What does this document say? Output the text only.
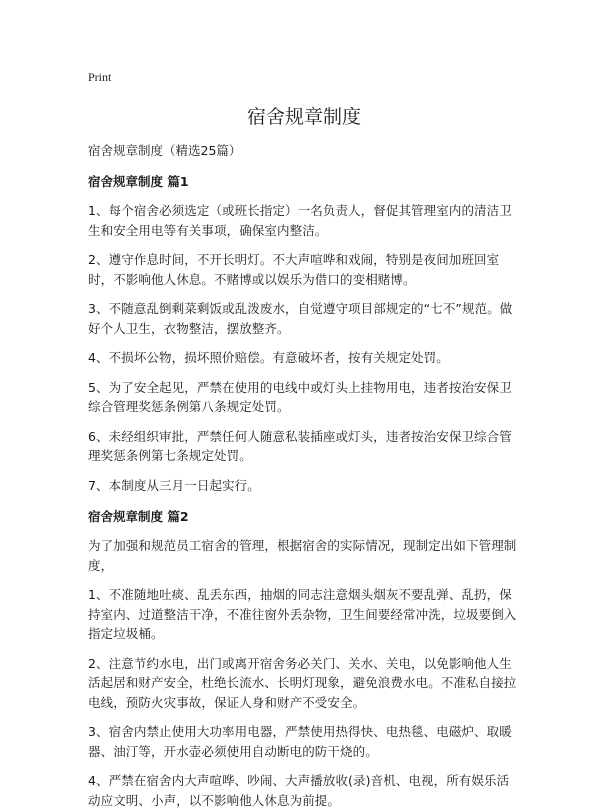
Print

宿舍规章制度

宿舍规章制度（精选25篇）

宿舍规章制度 篇1

1、每个宿舍必须选定（或班长指定）一名负责人，督促其管理室内的清洁卫生和安全用电等有关事项，确保室内整洁。

2、遵守作息时间，不开长明灯。不大声喧哗和戏闹，特别是夜间加班回室时，不影响他人休息。不赌博或以娱乐为借口的变相赌博。

3、不随意乱倒剩菜剩饭或乱泼废水，自觉遵守项目部规定的“七不”规范。做好个人卫生，衣物整洁，摆放整齐。

4、不损坏公物，损坏照价赔偿。有意破坏者，按有关规定处罚。

5、为了安全起见，严禁在使用的电线中或灯头上挂物用电，违者按治安保卫综合管理奖惩条例第八条规定处罚。

6、未经组织审批，严禁任何人随意私装插座或灯头，违者按治安保卫综合管理奖惩条例第七条规定处罚。

7、本制度从三月一日起实行。

宿舍规章制度 篇2

为了加强和规范员工宿舍的管理，根据宿舍的实际情况，现制定出如下管理制度，

1、不准随地吐痰、乱丢东西，抽烟的同志注意烟头烟灰不要乱弹、乱扔，保持室内、过道整洁干净，不准往窗外丢杂物，卫生间要经常冲洗，垃圾要倒入指定垃圾桶。

2、注意节约水电，出门或离开宿舍务必关门、关水、关电，以免影响他人生活起居和财产安全，杜绝长流水、长明灯现象，避免浪费水电。不准私自接拉电线，预防火灾事故，保证人身和财产不受安全。

3、宿舍内禁止使用大功率用电器，严禁使用热得快、电热毯、电磁炉、取暖器、油汀等，开水壶必须使用自动断电的防干烧的。

4、严禁在宿舍内大声喧哗、吵闹、大声播放收(录)音机、电视，所有娱乐活动应文明、小声，以不影响他人休息为前提。
